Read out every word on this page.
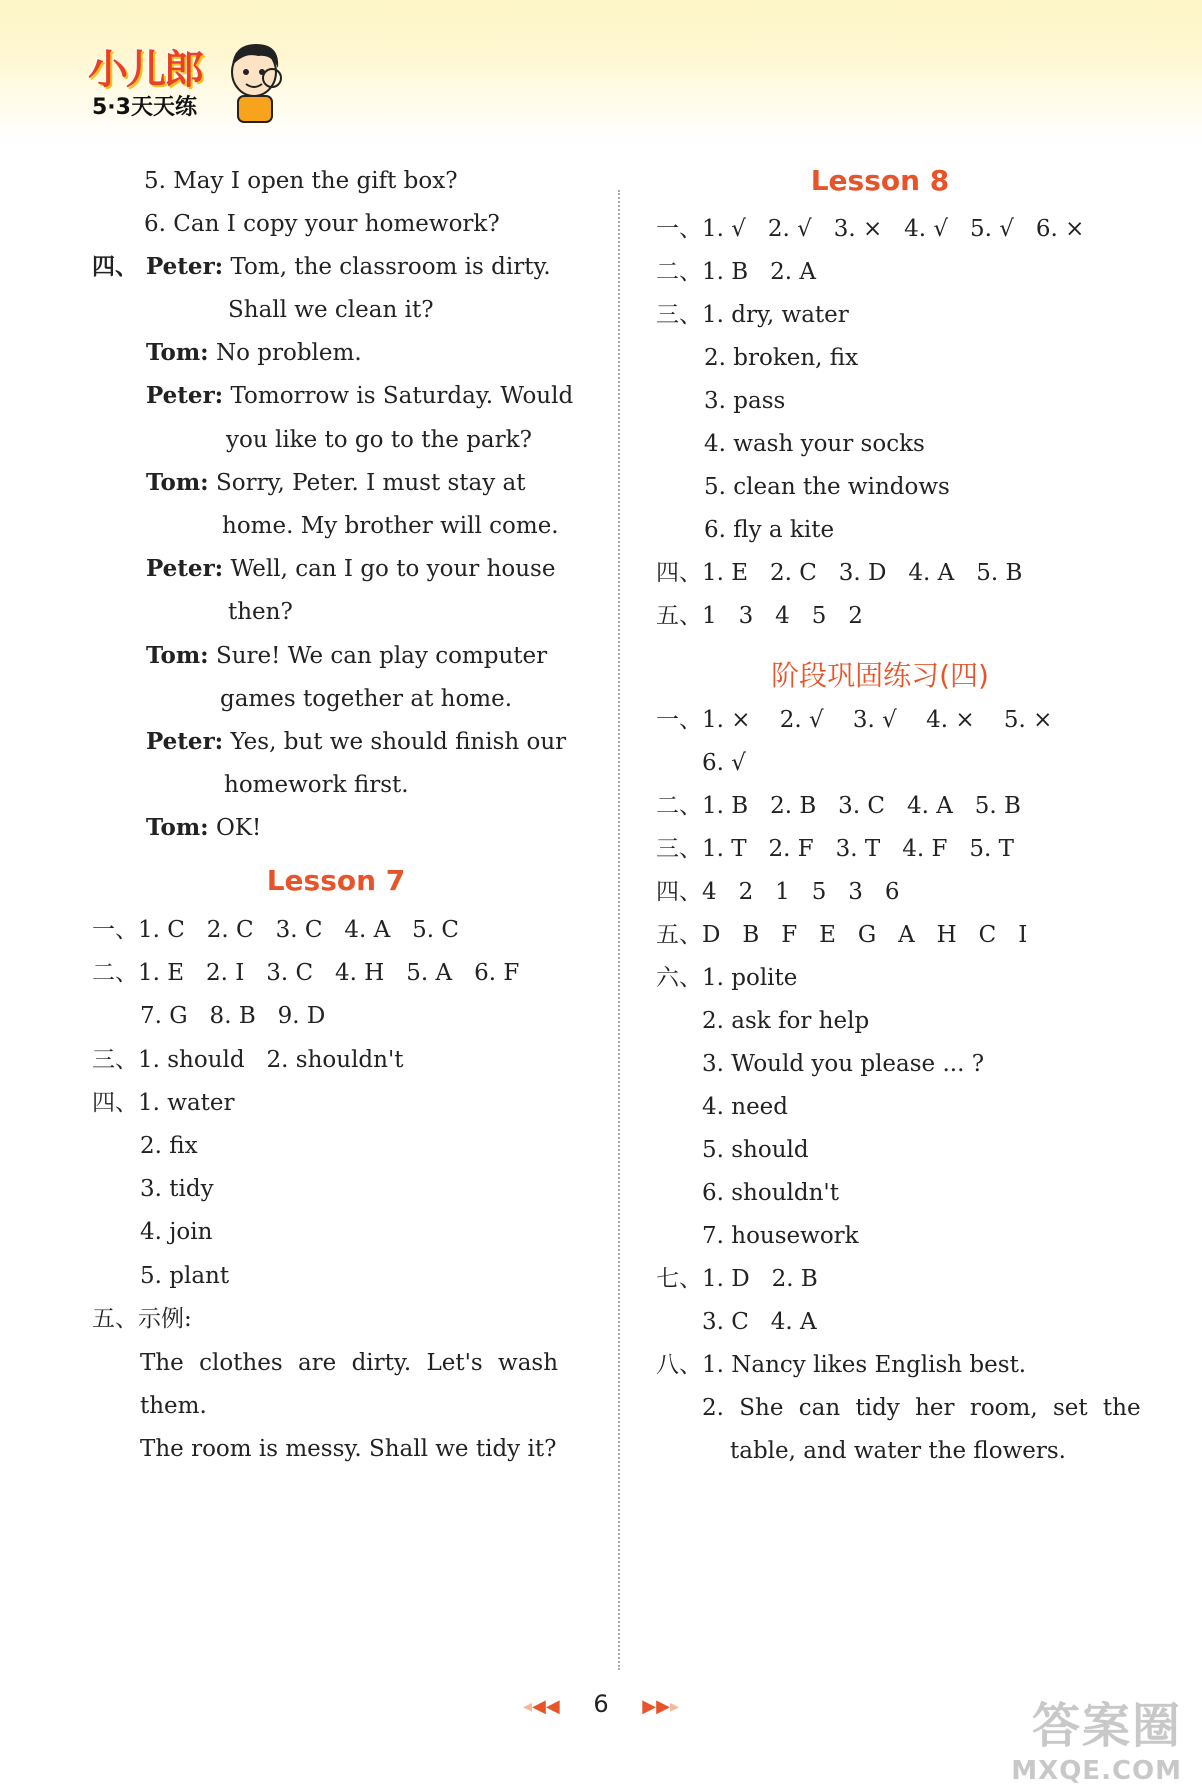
小儿郎
5·3天天练
5. May I open the gift box?
6. Can I copy your homework?
四、 Peter: Tom, the classroom is dirty.
Shall we clean it?
Tom: No problem.
Peter: Tomorrow is Saturday. Would
you like to go to the park?
Tom: Sorry, Peter. I must stay at
home. My brother will come.
Peter: Well, can I go to your house
then?
Tom: Sure! We can play computer
games together at home.
Peter: Yes, but we should finish our
homework first.
Tom: OK!
Lesson 7
一、1. C   2. C   3. C   4. A   5. C
二、1. E   2. I   3. C   4. H   5. A   6. F
7. G   8. B   9. D
三、1. should   2. shouldn't
四、1. water
2. fix
3. tidy
4. join
5. plant
五、示例:
The clothes are dirty. Let's wash
them.
The room is messy. Shall we tidy it?
Lesson 8
一、1. √   2. √   3. ×   4. √   5. √   6. ×
二、1. B   2. A
三、1. dry, water
2. broken, fix
3. pass
4. wash your socks
5. clean the windows
6. fly a kite
四、1. E   2. C   3. D   4. A   5. B
五、1   3   4   5   2
阶段巩固练习(四)
一、1. ×    2. √    3. √    4. ×    5. ×
6. √
二、1. B   2. B   3. C   4. A   5. B
三、1. T   2. F   3. T   4. F   5. T
四、4   2   1   5   3   6
五、D   B   F   E   G   A   H   C   I
六、1. polite
2. ask for help
3. Would you please ... ?
4. need
5. should
6. shouldn't
7. housework
七、1. D   2. B
3. C   4. A
八、1. Nancy likes English best.
2. She can tidy her room, set the
table, and water the flowers.
◂◀◀ 6 ▶▶▸	答案圈
MXQE.COM
